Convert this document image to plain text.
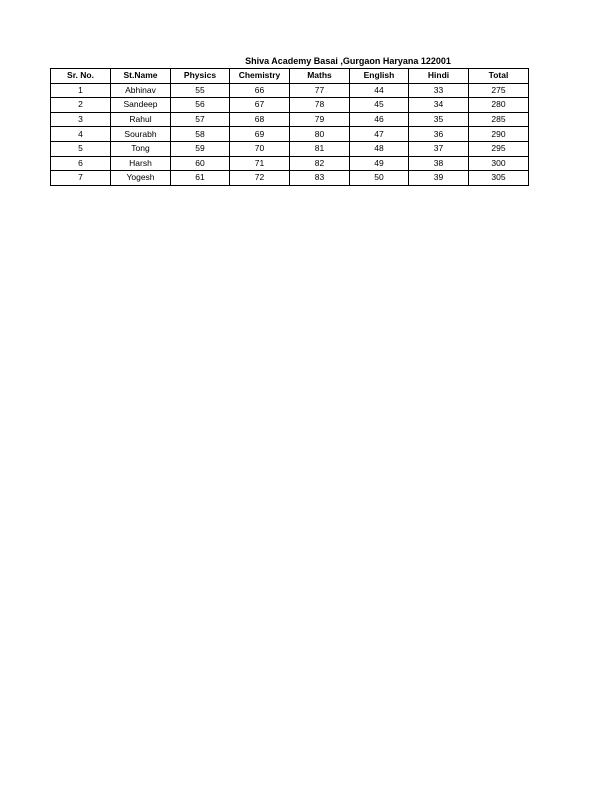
Shiva Academy Basai ,Gurgaon Haryana 122001
Sr. No.	St.Name	Physics	Chemistry	Maths	English	Hindi	Total
1	Abhinav	55	66	77	44	33	275
2	Sandeep	56	67	78	45	34	280
3	Rahul	57	68	79	46	35	285
4	Sourabh	58	69	80	47	36	290
5	Tong	59	70	81	48	37	295
6	Harsh	60	71	82	49	38	300
7	Yogesh	61	72	83	50	39	305
